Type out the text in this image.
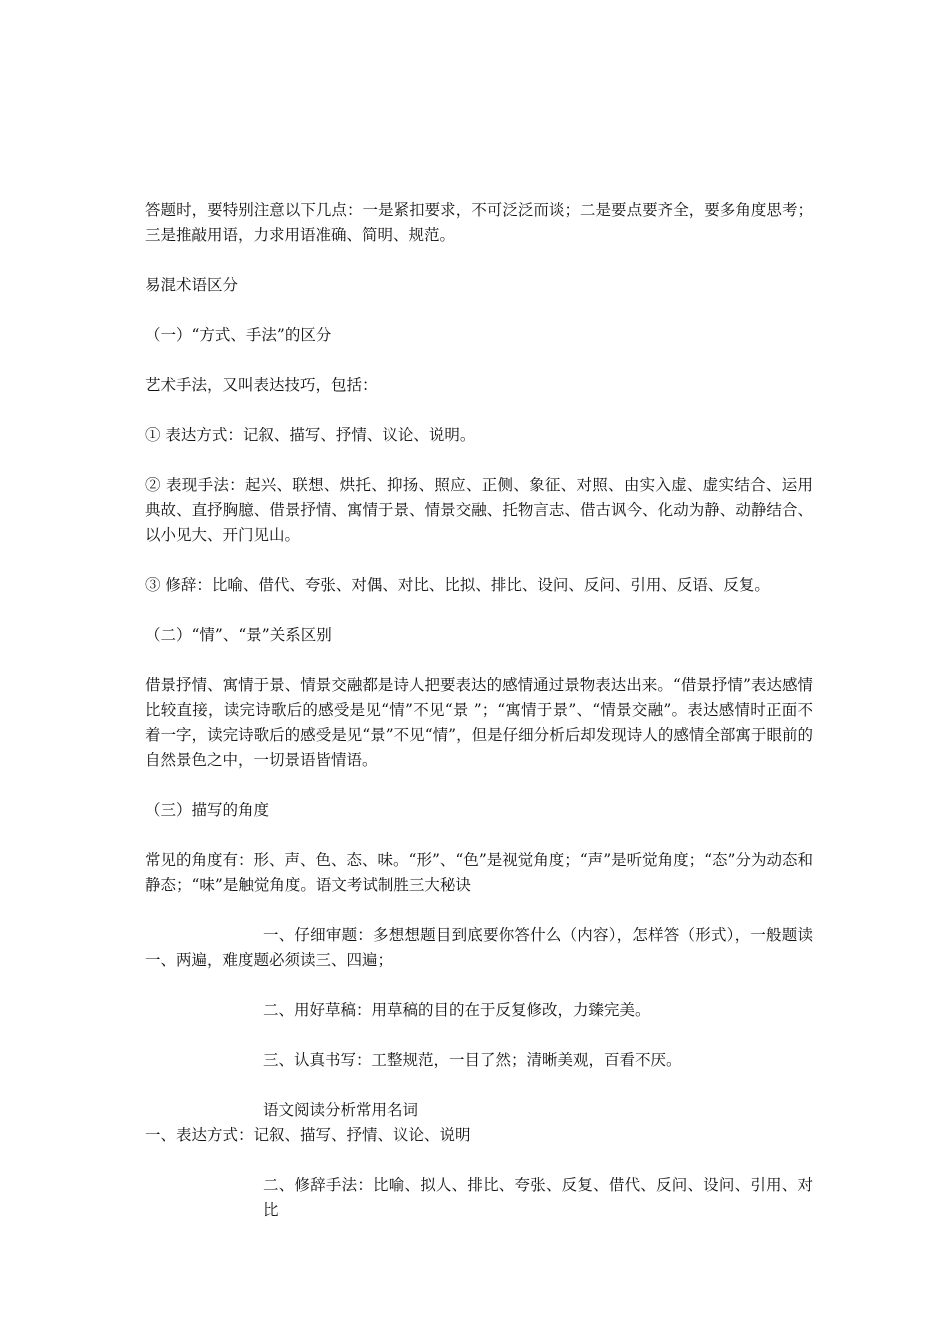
答题时，要特别注意以下几点：一是紧扣要求，不可泛泛而谈；二是要点要齐全，要多角度思考；三是推敲用语，力求用语准确、简明、规范。

易混术语区分

（一）“方式、手法”的区分

艺术手法，又叫表达技巧，包括：

① 表达方式：记叙、描写、抒情、议论、说明。

② 表现手法：起兴、联想、烘托、抑扬、照应、正侧、象征、对照、由实入虚、虚实结合、运用典故、直抒胸臆、借景抒情、寓情于景、情景交融、托物言志、借古讽今、化动为静、动静结合、以小见大、开门见山。

③ 修辞：比喻、借代、夸张、对偶、对比、比拟、排比、设问、反问、引用、反语、反复。

（二）“情”、“景”关系区别

借景抒情、寓情于景、情景交融都是诗人把要表达的感情通过景物表达出来。“借景抒情”表达感情比较直接，读完诗歌后的感受是见“情”不见“景 ”；“寓情于景”、“情景交融”。表达感情时正面不着一字，读完诗歌后的感受是见“景”不见“情”，但是仔细分析后却发现诗人的感情全部寓于眼前的自然景色之中，一切景语皆情语。

（三）描写的角度

常见的角度有：形、声、色、态、味。“形”、“色”是视觉角度；“声”是听觉角度；“态”分为动态和静态；“味”是触觉角度。语文考试制胜三大秘诀

一、仔细审题：多想想题目到底要你答什么（内容），怎样答（形式），一般题读一、两遍，难度题必须读三、四遍；

二、用好草稿：用草稿的目的在于反复修改，力臻完美。

三、认真书写：工整规范，一目了然；清晰美观，百看不厌。

语文阅读分析常用名词

一、表达方式：记叙、描写、抒情、议论、说明

二、修辞手法：比喻、拟人、排比、夸张、反复、借代、反问、设问、引用、对比
